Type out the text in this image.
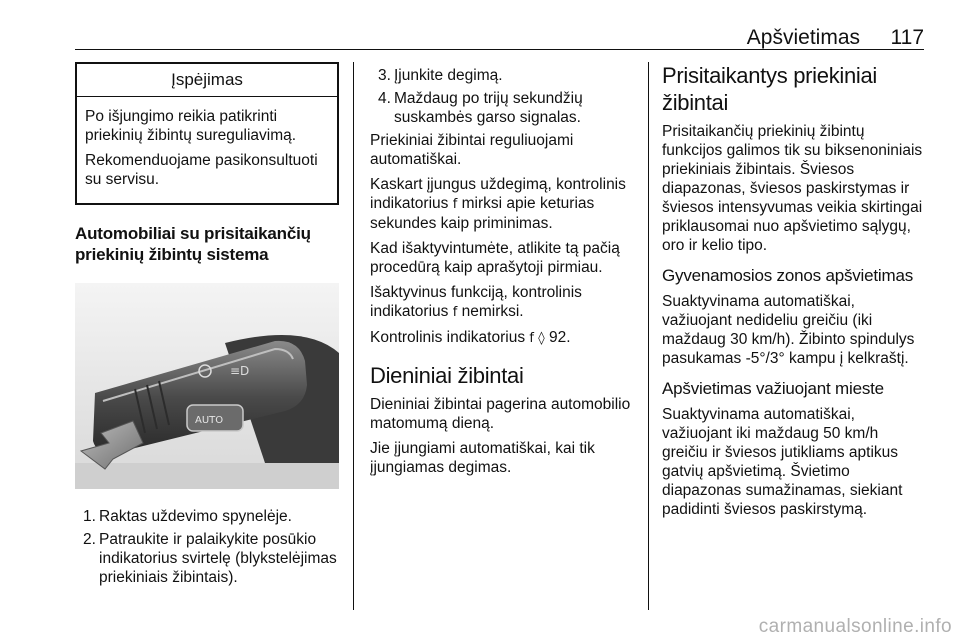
Apšvietimas 117
Įspėjimas

Po išjungimo reikia patikrinti priekinių žibintų sureguliavimą.

Rekomenduojame pasikonsultuoti su servisu.

Automobiliai su prisitaikančių priekinių žibintų sistema
≡D
AUTO
1. Raktas uždevimo spynelėje.
2. Patraukite ir palaikykite posūkio indikatorius svirtelę (blykstelėjimas priekiniais žibintais).
3. Įjunkite degimą.
4. Maždaug po trijų sekundžių suskambės garso signalas.

Priekiniai žibintai reguliuojami automatiškai.

Kaskart įjungus uždegimą, kontrolinis indikatorius f mirksi apie keturias sekundes kaip priminimas.

Kad išaktyvintumėte, atlikite tą pačią procedūrą kaip aprašytoji pirmiau.

Išaktyvinus funkciją, kontrolinis indikatorius f nemirksi.

Kontrolinis indikatorius f ◊ 92.

Dieniniai žibintai

Dieniniai žibintai pagerina automobilio matomumą dieną.

Jie įjungiami automatiškai, kai tik įjungiamas degimas.

Prisitaikantys priekiniai žibintai

Prisitaikančių priekinių žibintų funkcijos galimos tik su biksenoniniais priekiniais žibintais. Šviesos diapazonas, šviesos paskirstymas ir šviesos intensyvumas veikia skirtingai priklausomai nuo apšvietimo sąlygų, oro ir kelio tipo.

Gyvenamosios zonos apšvietimas

Suaktyvinama automatiškai, važiuojant nedideliu greičiu (iki maždaug 30 km/h). Žibinto spindulys pasukamas -5°/3° kampu į kelkraštį.

Apšvietimas važiuojant mieste

Suaktyvinama automatiškai, važiuojant iki maždaug 50 km/h greičiu ir šviesos jutikliams aptikus gatvių apšvietimą. Švietimo diapazonas sumažinamas, siekiant padidinti šviesos paskirstymą.

carmanualsonline.info
